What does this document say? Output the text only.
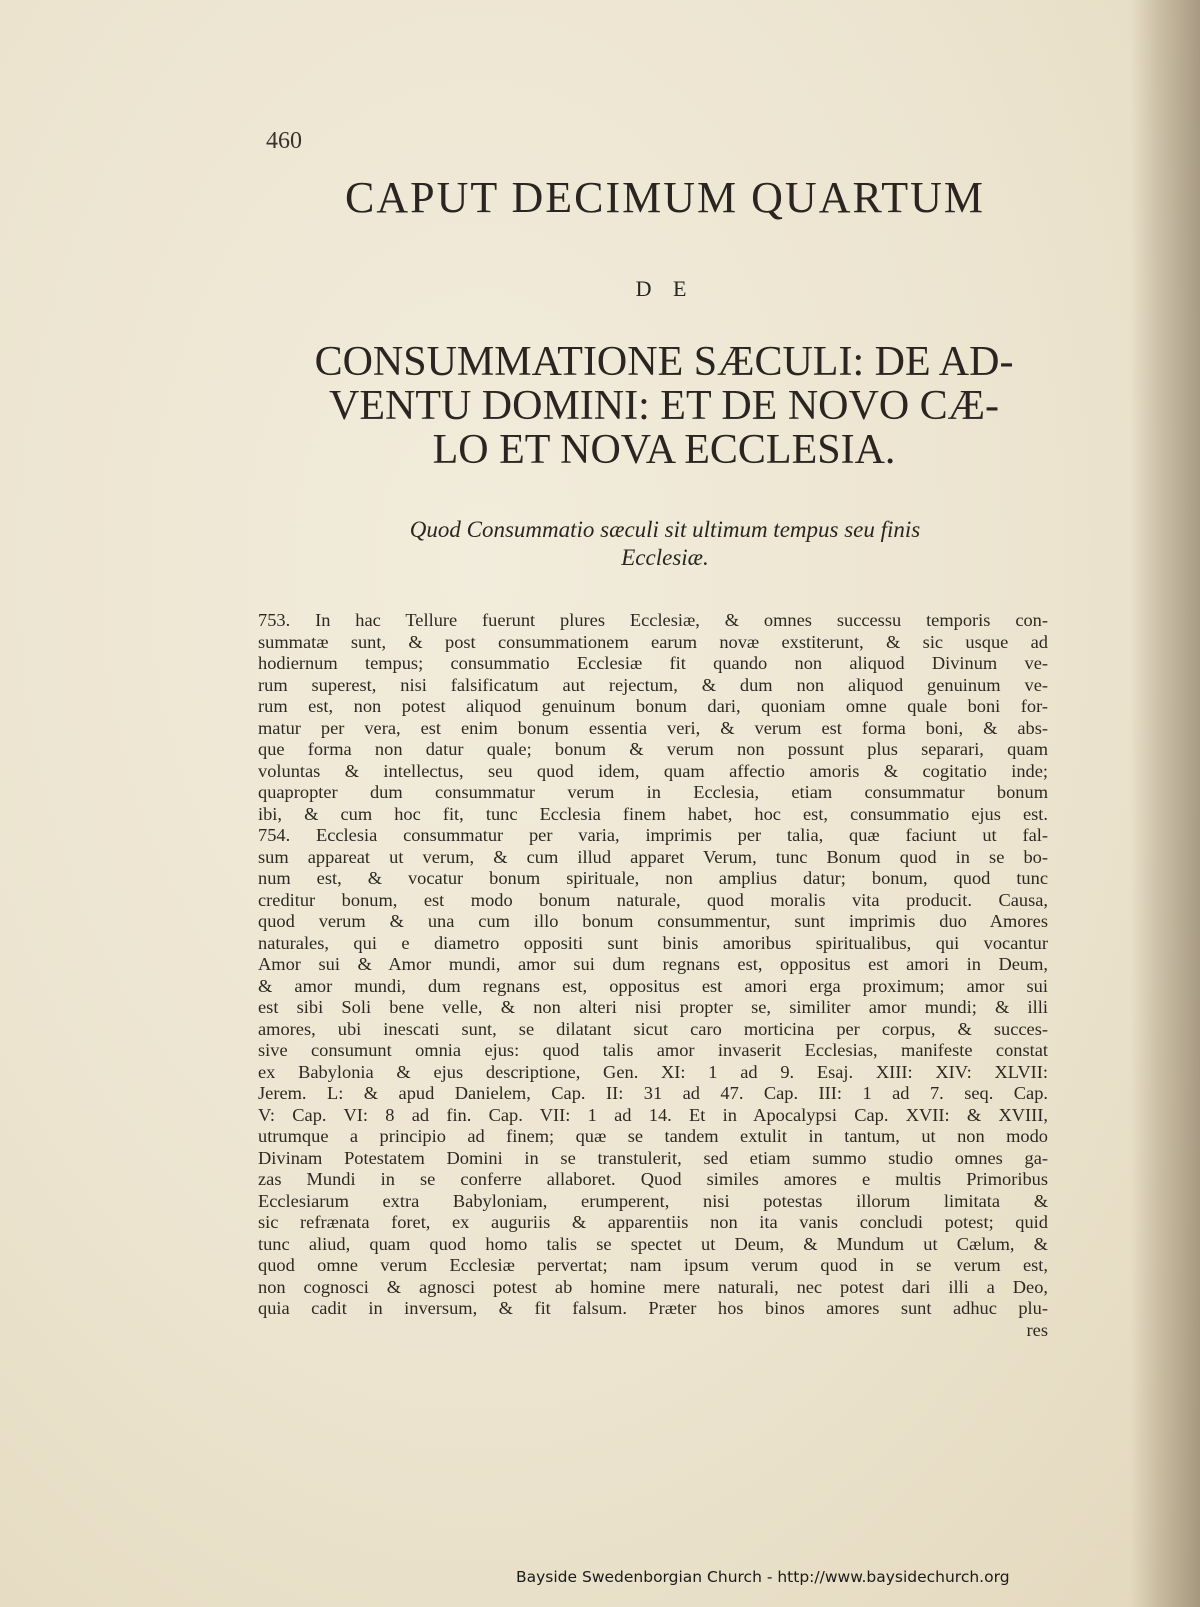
460
CAPUT DECIMUM QUARTUM
D E
CONSUMMATIONE SÆCULI: DE AD-
VENTU DOMINI: ET DE NOVO CÆ-
LO ET NOVA ECCLESIA.
Quod Consummatio sæculi sit ultimum tempus seu finis
Ecclesiæ.
753. In hac Tellure fuerunt plures Ecclesiæ, & omnes successu temporis con-
summatæ sunt, & post consummationem earum novæ exstiterunt, & sic usque ad
hodiernum tempus; consummatio Ecclesiæ fit quando non aliquod Divinum ve-
rum superest, nisi falsificatum aut rejectum, & dum non aliquod genuinum ve-
rum est, non potest aliquod genuinum bonum dari, quoniam omne quale boni for-
matur per vera, est enim bonum essentia veri, & verum est forma boni, & abs-
que forma non datur quale; bonum & verum non possunt plus separari, quam
voluntas & intellectus, seu quod idem, quam affectio amoris & cogitatio inde;
quapropter dum consummatur verum in Ecclesia, etiam consummatur bonum
ibi, & cum hoc fit, tunc Ecclesia finem habet, hoc est, consummatio ejus est.
754. Ecclesia consummatur per varia, imprimis per talia, quæ faciunt ut fal-
sum appareat ut verum, & cum illud apparet Verum, tunc Bonum quod in se bo-
num est, & vocatur bonum spirituale, non amplius datur; bonum, quod tunc
creditur bonum, est modo bonum naturale, quod moralis vita producit. Causa,
quod verum & una cum illo bonum consummentur, sunt imprimis duo Amores
naturales, qui e diametro oppositi sunt binis amoribus spiritualibus, qui vocantur
Amor sui & Amor mundi, amor sui dum regnans est, oppositus est amori in Deum,
& amor mundi, dum regnans est, oppositus est amori erga proximum; amor sui
est sibi Soli bene velle, & non alteri nisi propter se, similiter amor mundi; & illi
amores, ubi inescati sunt, se dilatant sicut caro morticina per corpus, & succes-
sive consumunt omnia ejus: quod talis amor invaserit Ecclesias, manifeste constat
ex Babylonia & ejus descriptione, Gen. XI: 1 ad 9. Esaj. XIII: XIV: XLVII:
Jerem. L: & apud Danielem, Cap. II: 31 ad 47. Cap. III: 1 ad 7. seq. Cap.
V: Cap. VI: 8 ad fin. Cap. VII: 1 ad 14. Et in Apocalypsi Cap. XVII: & XVIII,
utrumque a principio ad finem; quæ se tandem extulit in tantum, ut non modo
Divinam Potestatem Domini in se transtulerit, sed etiam summo studio omnes ga-
zas Mundi in se conferre allaboret. Quod similes amores e multis Primoribus
Ecclesiarum extra Babyloniam, erumperent, nisi potestas illorum limitata &
sic refrænata foret, ex auguriis & apparentiis non ita vanis concludi potest; quid
tunc aliud, quam quod homo talis se spectet ut Deum, & Mundum ut Cælum, &
quod omne verum Ecclesiæ pervertat; nam ipsum verum quod in se verum est,
non cognosci & agnosci potest ab homine mere naturali, nec potest dari illi a Deo,
quia cadit in inversum, & fit falsum. Præter hos binos amores sunt adhuc plu-
res
Bayside Swedenborgian Church - http://www.baysidechurch.org
